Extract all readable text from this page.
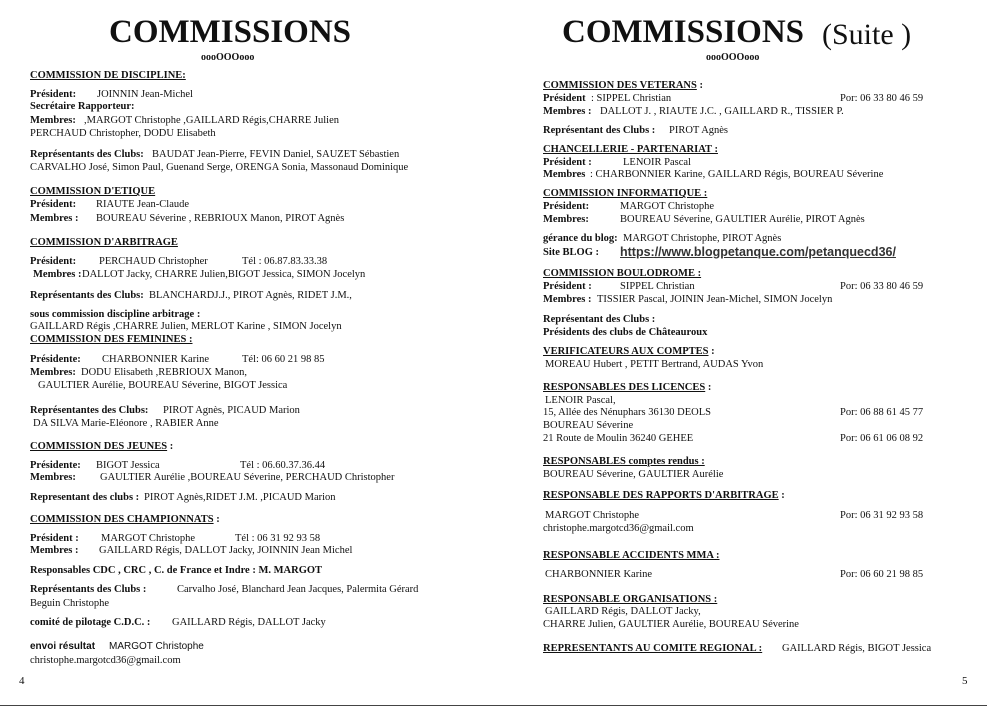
COMMISSIONS
oooOOOooo
COMMISSION DE DISCIPLINE:
Président: JOINNIN Jean-Michel
Secrétaire Rapporteur:
Membres: ,MARGOT Christophe ,GAILLARD Régis,CHARRE Julien
PERCHAUD Christopher, DODU Elisabeth
Représentants des Clubs: BAUDAT Jean-Pierre, FEVIN Daniel, SAUZET Sébastien
CARVALHO José, Simon Paul, Guenand Serge, ORENGA Sonia, Massonaud Dominique
COMMISSION D'ETIQUE
Président: RIAUTE Jean-Claude
Membres : BOUREAU Séverine , REBRIOUX Manon, PIROT Agnès
COMMISSION D'ARBITRAGE
Président: PERCHAUD Christopher	Tél : 06.87.83.33.38
Membres : DALLOT Jacky, CHARRE Julien,BIGOT Jessica, SIMON Jocelyn
Représentants des Clubs: BLANCHARDJ.J., PIROT Agnès, RIDET J.M.,
sous commission discipline arbitrage :
GAILLARD Régis ,CHARRE Julien, MERLOT Karine , SIMON Jocelyn
COMMISSION DES FEMININES :
Présidente: CHARBONNIER Karine	Tél: 06 60 21 98 85
Membres: DODU Elisabeth ,REBRIOUX Manon,
GAULTIER Aurélie, BOUREAU Séverine, BIGOT Jessica
Représentantes des Clubs: PIROT Agnès, PICAUD Marion
DA SILVA Marie-Eléonore , RABIER Anne
COMMISSION DES JEUNES :
Présidente: BIGOT Jessica	Tél : 06.60.37.36.44
Membres: GAULTIER Aurélie ,BOUREAU Séverine, PERCHAUD Christopher
Representant des clubs : PIROT Agnès,RIDET J.M. ,PICAUD Marion
COMMISSION DES CHAMPIONNATS :
Président : MARGOT Christophe	Tél : 06 31 92 93 58
Membres : GAILLARD Régis, DALLOT Jacky, JOINNIN Jean Michel
Responsables CDC , CRC , C. de France et Indre : M. MARGOT
Représentants des Clubs :	Carvalho José, Blanchard Jean Jacques, Palermita Gérard
Beguin Christophe
comité de pilotage C.D.C. : GAILLARD Régis, DALLOT Jacky
envoi résultat MARGOT Christophe
christophe.margotcd36@gmail.com
4
COMMISSIONS (Suite )
oooOOOooo
COMMISSION DES VETERANS :
Président : SIPPEL Christian	Por: 06 33 80 46 59
Membres : DALLOT J. , RIAUTE J.C. , GAILLARD R., TISSIER P.
Représentant des Clubs : PIROT Agnès
CHANCELLERIE - PARTENARIAT :
Président :	LENOIR Pascal
Membres : CHARBONNIER Karine, GAILLARD Régis, BOUREAU Séverine
COMMISSION INFORMATIQUE :
Président:	MARGOT Christophe
Membres:	BOUREAU Séverine, GAULTIER Aurélie, PIROT Agnès
gérance du blog: MARGOT Christophe, PIROT Agnès
Site BLOG : https://www.blogpetanque.com/petanquecd36/
COMMISSION BOULODROME :
Président :	SIPPEL Christian	Por: 06 33 80 46 59
Membres : TISSIER Pascal, JOININ Jean-Michel, SIMON Jocelyn
Représentant des Clubs :
Présidents des clubs de Châteauroux
VERIFICATEURS AUX COMPTES :
MOREAU Hubert , PETIT Bertrand, AUDAS Yvon
RESPONSABLES DES LICENCES :
LENOIR Pascal,
15, Allée des Nénuphars 36130 DEOLS	Por: 06 88 61 45 77
BOUREAU Séverine
21 Route de Moulin 36240 GEHEE	Por: 06 61 06 08 92
RESPONSABLES comptes rendus :
BOUREAU Séverine, GAULTIER Aurélie
RESPONSABLE DES RAPPORTS D'ARBITRAGE :
MARGOT Christophe	Por: 06 31 92 93 58
christophe.margotcd36@gmail.com
RESPONSABLE ACCIDENTS MMA :
CHARBONNIER Karine	Por: 06 60 21 98 85
RESPONSABLE ORGANISATIONS :
GAILLARD Régis, DALLOT Jacky,
CHARRE Julien, GAULTIER Aurélie, BOUREAU Séverine
REPRESENTANTS AU COMITE REGIONAL : GAILLARD Régis, BIGOT Jessica
5
